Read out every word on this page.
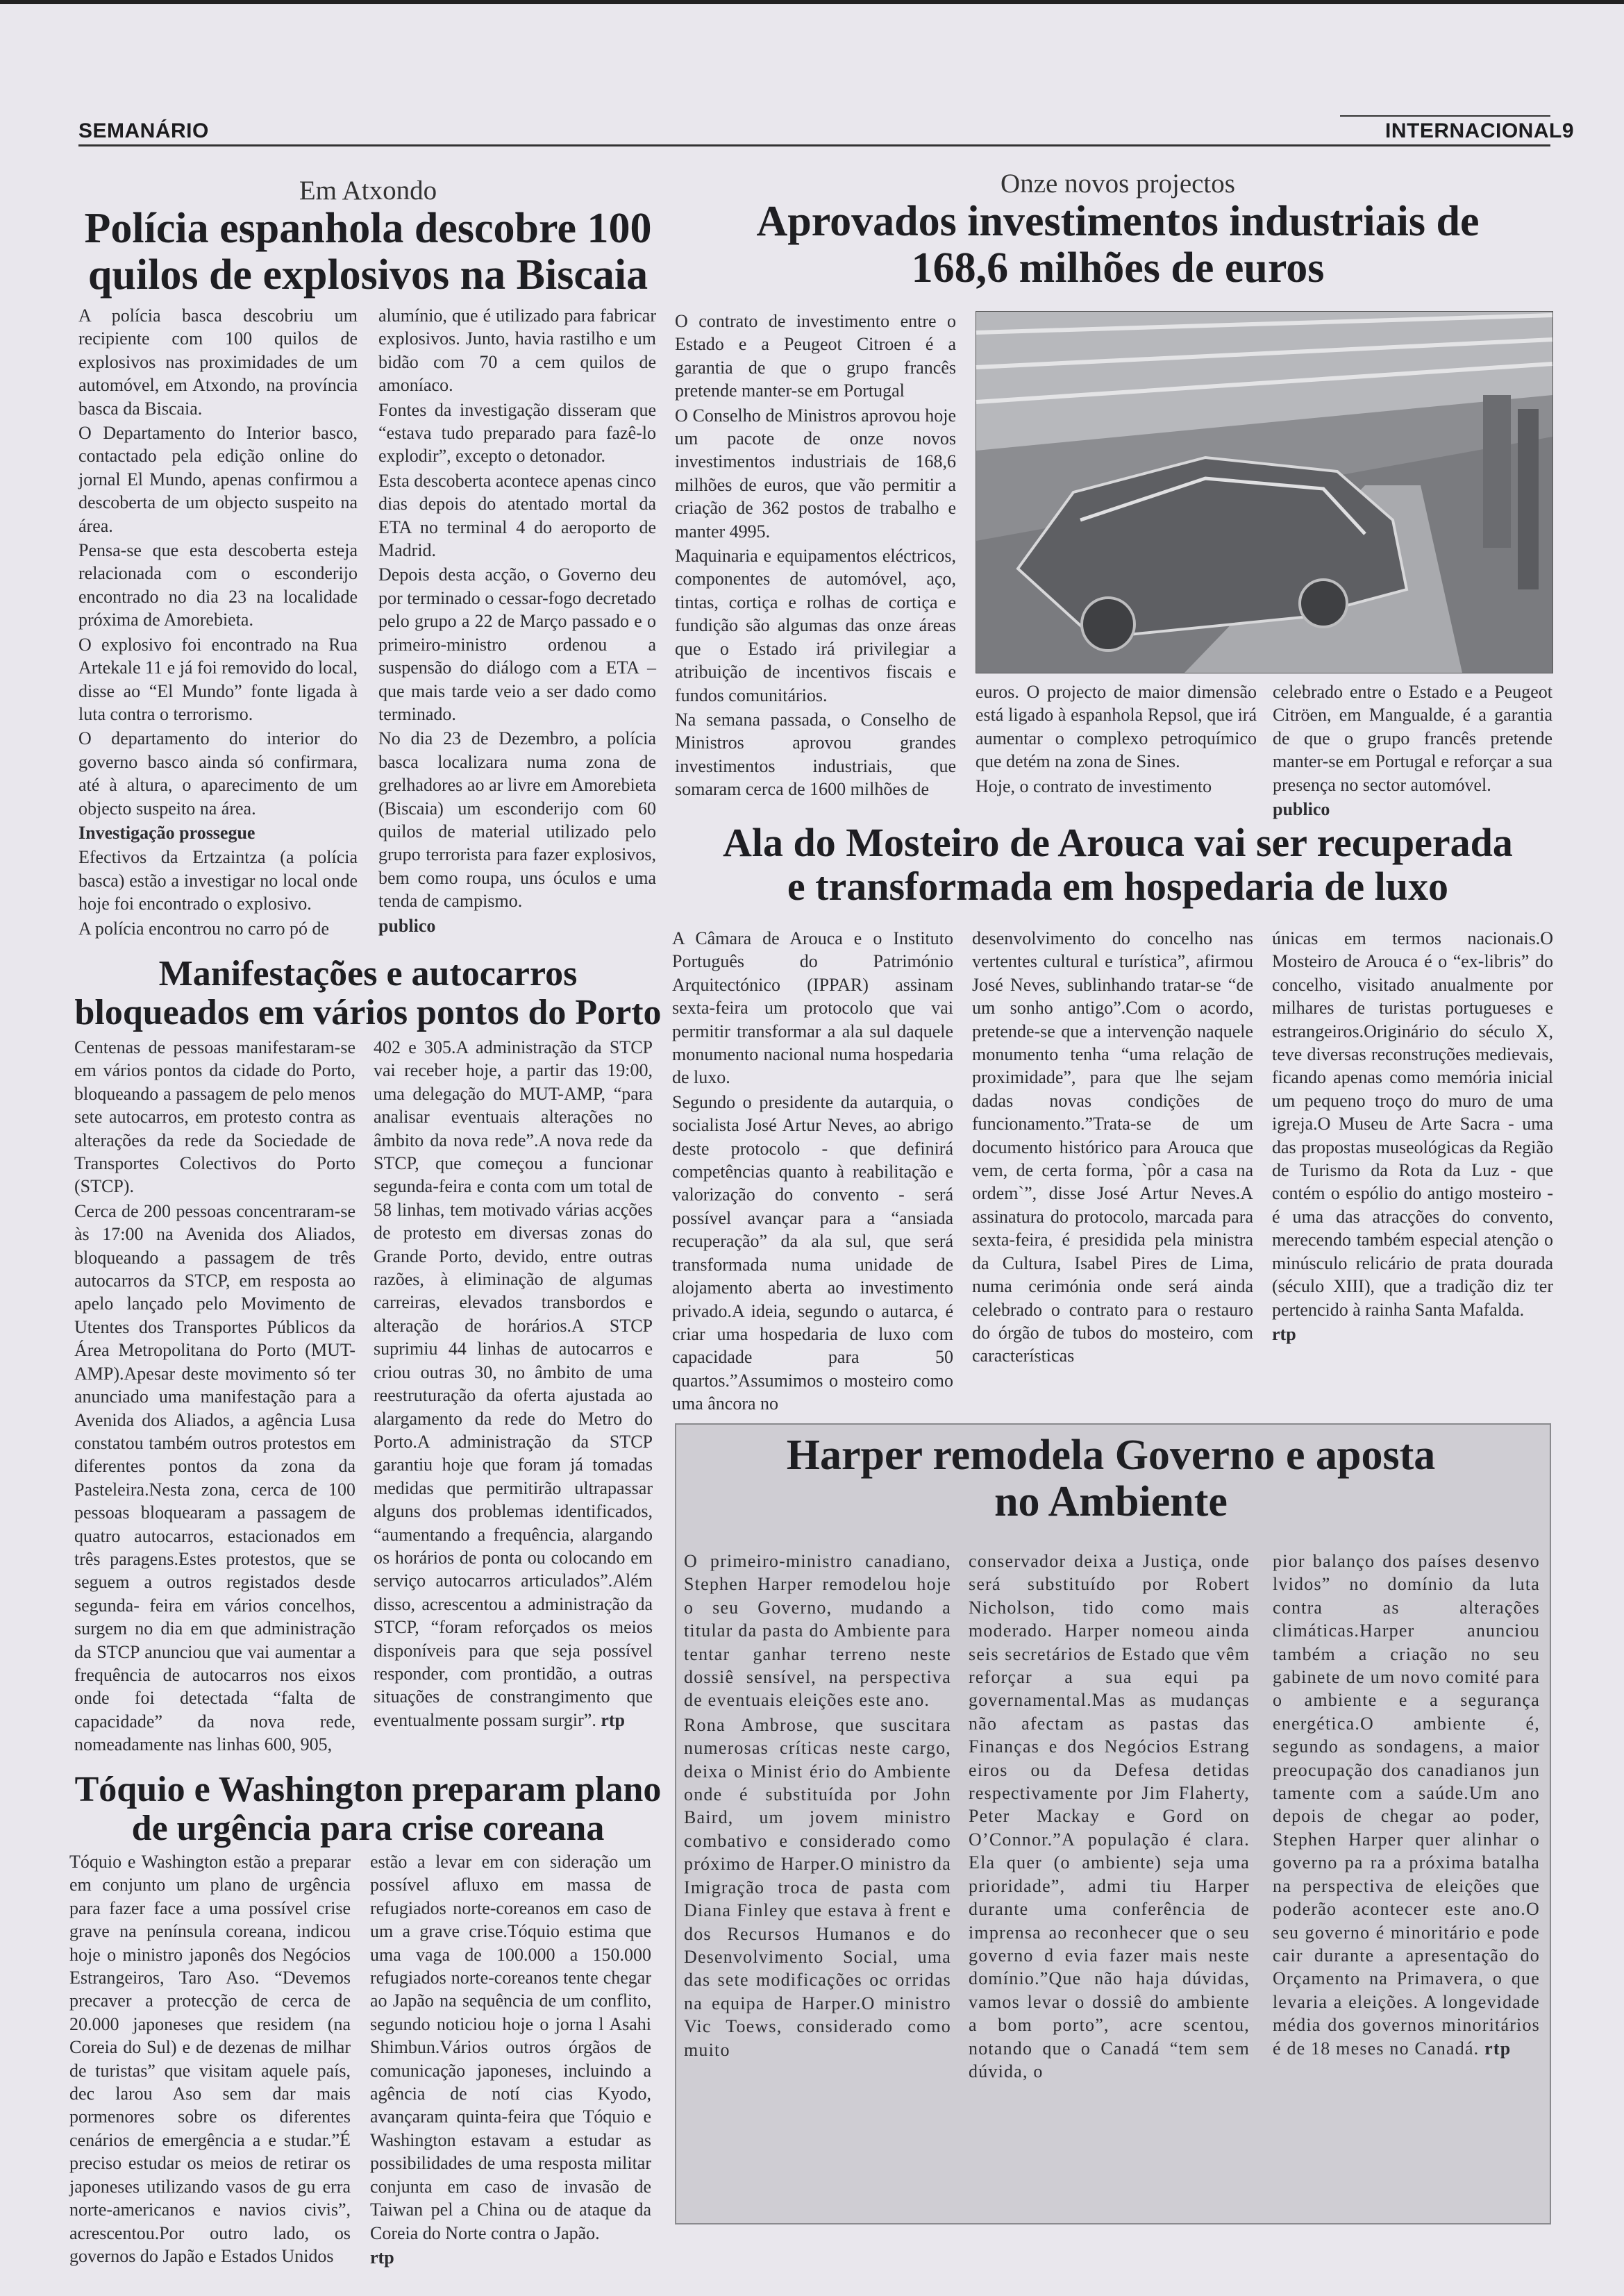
SEMANÁRIO	INTERNACIONAL9
Em Atxondo
Polícia espanhola descobre 100
quilos de explosivos na Biscaia

A polícia basca descobriu um recipiente com 100 quilos de explosivos nas proximidades de um automóvel, em Atxondo, na província basca da Biscaia.

O Departamento do Interior basco, contactado pela edição online do jornal El Mundo, apenas confirmou a descoberta de um objecto suspeito na área.

Pensa-se que esta descoberta esteja relacionada com o esconderijo encontrado no dia 23 na localidade próxima de Amorebieta.

O explosivo foi encontrado na Rua Artekale 11 e já foi removido do local, disse ao “El Mundo” fonte ligada à luta contra o terrorismo.

O departamento do interior do governo basco ainda só confirmara, até à altura, o aparecimento de um objecto suspeito na área.

Investigação prossegue

Efectivos da Ertzaintza (a polícia basca) estão a investigar no local onde hoje foi encontrado o explosivo.

A polícia encontrou no carro pó de

alumínio, que é utilizado para fabricar explosivos. Junto, havia rastilho e um bidão com 70 a cem quilos de amoníaco.

Fontes da investigação disseram que “estava tudo preparado para fazê-lo explodir”, excepto o detonador.

Esta descoberta acontece apenas cinco dias depois do atentado mortal da ETA no terminal 4 do aeroporto de Madrid.

Depois desta acção, o Governo deu por terminado o cessar-fogo decretado pelo grupo a 22 de Março passado e o primeiro-ministro ordenou a suspensão do diálogo com a ETA – que mais tarde veio a ser dado como terminado.

No dia 23 de Dezembro, a polícia basca localizara numa zona de grelhadores ao ar livre em Amorebieta (Biscaia) um esconderijo com 60 quilos de material utilizado pelo grupo terrorista para fazer explosivos, bem como roupa, uns óculos e uma tenda de campismo.

publico

Onze novos projectos
Aprovados investimentos industriais de
168,6 milhões de euros

O contrato de investimento entre o Estado e a Peugeot Citroen é a garantia de que o grupo francês pretende manter-se em Portugal

O Conselho de Ministros aprovou hoje um pacote de onze novos investimentos industriais de 168,6 milhões de euros, que vão permitir a criação de 362 postos de trabalho e manter 4995.

Maquinaria e equipamentos eléctricos, componentes de automóvel, aço, tintas, cortiça e rolhas de cortiça e fundição são algumas das onze áreas que o Estado irá privilegiar a atribuição de incentivos fiscais e fundos comunitários.

Na semana passada, o Conselho de Ministros aprovou grandes investimentos industriais, que somaram cerca de 1600 milhões de

euros. O projecto de maior dimensão está ligado à espanhola Repsol, que irá aumentar o complexo petroquímico que detém na zona de Sines.

Hoje, o contrato de investimento

celebrado entre o Estado e a Peugeot Citröen, em Mangualde, é a garantia de que o grupo francês pretende manter-se em Portugal e reforçar a sua presença no sector automóvel.

publico

Ala do Mosteiro de Arouca vai ser recuperada
e transformada em hospedaria de luxo

A Câmara de Arouca e o Instituto Português do Património Arquitectónico (IPPAR) assinam sexta-feira um protocolo que vai permitir transformar a ala sul daquele monumento nacional numa hospedaria de luxo.

Segundo o presidente da autarquia, o socialista José Artur Neves, ao abrigo deste protocolo - que definirá competências quanto à reabilitação e valorização do convento - será possível avançar para a “ansiada recuperação” da ala sul, que será transformada numa unidade de alojamento aberta ao investimento privado.A ideia, segundo o autarca, é criar uma hospedaria de luxo com capacidade para 50 quartos.”Assumimos o mosteiro como uma âncora no

desenvolvimento do concelho nas vertentes cultural e turística”, afirmou José Neves, sublinhando tratar-se “de um sonho antigo”.Com o acordo, pretende-se que a intervenção naquele monumento tenha “uma relação de proximidade”, para que lhe sejam dadas novas condições de funcionamento.”Trata-se de um documento histórico para Arouca que vem, de certa forma, `pôr a casa na ordem`”, disse José Artur Neves.A assinatura do protocolo, marcada para sexta-feira, é presidida pela ministra da Cultura, Isabel Pires de Lima, numa cerimónia onde será ainda celebrado o contrato para o restauro do órgão de tubos do mosteiro, com características

únicas em termos nacionais.O Mosteiro de Arouca é o “ex-libris” do concelho, visitado anualmente por milhares de turistas portugueses e estrangeiros.Originário do século X, teve diversas reconstruções medievais, ficando apenas como memória inicial um pequeno troço do muro de uma igreja.O Museu de Arte Sacra - uma das propostas museológicas da Região de Turismo da Rota da Luz - que contém o espólio do antigo mosteiro - é uma das atracções do convento, merecendo também especial atenção o minúsculo relicário de prata dourada (século XIII), que a tradição diz ter pertencido à rainha Santa Mafalda.

rtp

Manifestações e autocarros
bloqueados em vários pontos do Porto

Centenas de pessoas manifestaram-se em vários pontos da cidade do Porto, bloqueando a passagem de pelo menos sete autocarros, em protesto contra as alterações da rede da Sociedade de Transportes Colectivos do Porto (STCP).

Cerca de 200 pessoas concentraram-se às 17:00 na Avenida dos Aliados, bloqueando a passagem de três autocarros da STCP, em resposta ao apelo lançado pelo Movimento de Utentes dos Transportes Públicos da Área Metropolitana do Porto (MUT-AMP).Apesar deste movimento só ter anunciado uma manifestação para a Avenida dos Aliados, a agência Lusa constatou também outros protestos em diferentes pontos da zona da Pasteleira.Nesta zona, cerca de 100 pessoas bloquearam a passagem de quatro autocarros, estacionados em três paragens.Estes protestos, que se seguem a outros registados desde segunda- feira em vários concelhos, surgem no dia em que administração da STCP anunciou que vai aumentar a frequência de autocarros nos eixos onde foi detectada “falta de capacidade” da nova rede, nomeadamente nas linhas 600, 905,

402 e 305.A administração da STCP vai receber hoje, a partir das 19:00, uma delegação do MUT-AMP, “para analisar eventuais alterações no âmbito da nova rede”.A nova rede da STCP, que começou a funcionar segunda-feira e conta com um total de 58 linhas, tem motivado várias acções de protesto em diversas zonas do Grande Porto, devido, entre outras razões, à eliminação de algumas carreiras, elevados transbordos e alteração de horários.A STCP suprimiu 44 linhas de autocarros e criou outras 30, no âmbito de uma reestruturação da oferta ajustada ao alargamento da rede do Metro do Porto.A administração da STCP garantiu hoje que foram já tomadas medidas que permitirão ultrapassar alguns dos problemas identificados, “aumentando a frequência, alargando os horários de ponta ou colocando em serviço autocarros articulados”.Além disso, acrescentou a administração da STCP, “foram reforçados os meios disponíveis para que seja possível responder, com prontidão, a outras situações de constrangimento que eventualmente possam surgir”. rtp

Tóquio e Washington preparam plano
de urgência para crise coreana

Tóquio e Washington estão a preparar em conjunto um plano de urgência para fazer face a uma possível crise grave na península coreana, indicou hoje o ministro japonês dos Negócios Estrangeiros, Taro Aso. “Devemos precaver a protecção de cerca de 20.000 japoneses que residem (na Coreia do Sul) e de dezenas de milhar de turistas” que visitam aquele país, dec larou Aso sem dar mais pormenores sobre os diferentes cenários de emergência a e studar.”É preciso estudar os meios de retirar os japoneses utilizando vasos de gu erra norte-americanos e navios civis”, acrescentou.Por outro lado, os governos do Japão e Estados Unidos

estão a levar em con sideração um possível afluxo em massa de refugiados norte-coreanos em caso de um a grave crise.Tóquio estima que uma vaga de 100.000 a 150.000 refugiados norte-coreanos tente chegar ao Japão na sequência de um conflito, segundo noticiou hoje o jorna l Asahi Shimbun.Vários outros órgãos de comunicação japoneses, incluindo a agência de notí cias Kyodo, avançaram quinta-feira que Tóquio e Washington estavam a estudar as possibilidades de uma resposta militar conjunta em caso de invasão de Taiwan pel a China ou de ataque da Coreia do Norte contra o Japão.

rtp

Harper remodela Governo e aposta
no Ambiente

O primeiro-ministro canadiano, Stephen Harper remodelou hoje o seu Governo, mudando a titular da pasta do Ambiente para tentar ganhar terreno neste dossiê sensível, na perspectiva de eventuais eleições este ano.

Rona Ambrose, que suscitara numerosas críticas neste cargo, deixa o Minist ério do Ambiente onde é substituída por John Baird, um jovem ministro combativo e considerado como próximo de Harper.O ministro da Imigração troca de pasta com Diana Finley que estava à frent e dos Recursos Humanos e do Desenvolvimento Social, uma das sete modificações oc orridas na equipa de Harper.O ministro Vic Toews, considerado como muito

conservador deixa a Justiça, onde será substituído por Robert Nicholson, tido como mais moderado. Harper nomeou ainda seis secretários de Estado que vêm reforçar a sua equi pa governamental.Mas as mudanças não afectam as pastas das Finanças e dos Negócios Estrang eiros ou da Defesa detidas respectivamente por Jim Flaherty, Peter Mackay e Gord on O’Connor.”A população é clara. Ela quer (o ambiente) seja uma prioridade”, admi tiu Harper durante uma conferência de imprensa ao reconhecer que o seu governo d evia fazer mais neste domínio.”Que não haja dúvidas, vamos levar o dossiê do ambiente a bom porto”, acre scentou, notando que o Canadá “tem sem dúvida, o

pior balanço dos países desenvo lvidos” no domínio da luta contra as alterações climáticas.Harper anunciou também a criação no seu gabinete de um novo comité para o ambiente e a segurança energética.O ambiente é, segundo as sondagens, a maior preocupação dos canadianos jun tamente com a saúde.Um ano depois de chegar ao poder, Stephen Harper quer alinhar o governo pa ra a próxima batalha na perspectiva de eleições que poderão acontecer este ano.O seu governo é minoritário e pode cair durante a apresentação do Orçamento na Primavera, o que levaria a eleições. A longevidade média dos governos minoritários é de 18 meses no Canadá. rtp
